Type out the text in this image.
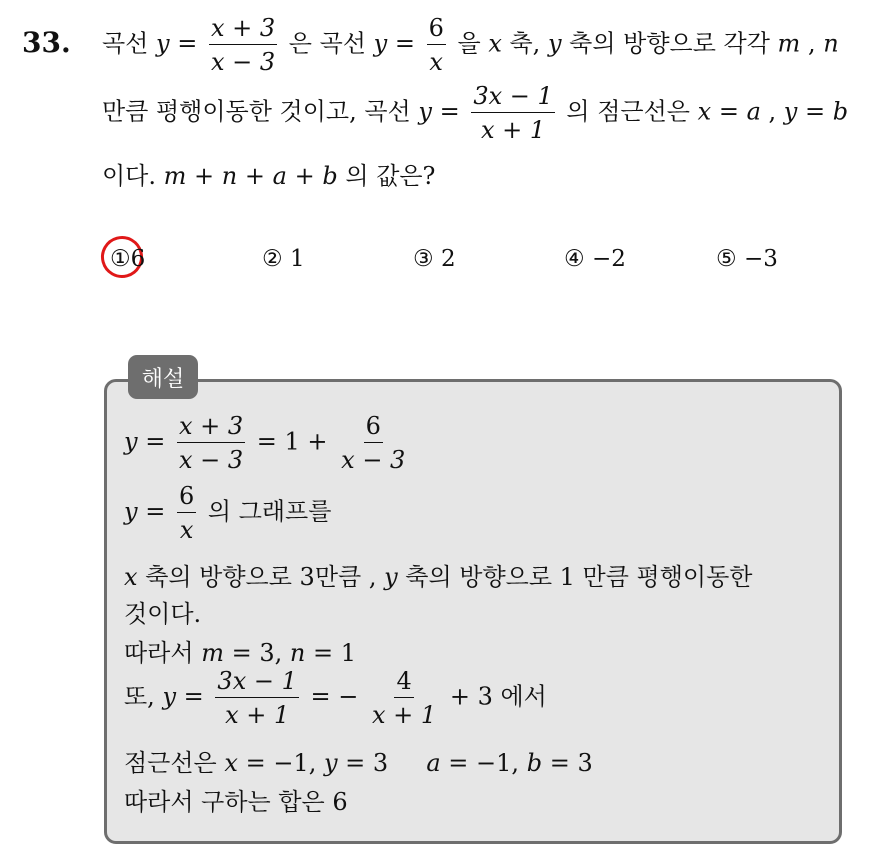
33. 곡선 $y = \frac{x + 3}{x - 3}$ 은 곡선 $y = \frac{6}{x}$ 을 x 축, y 축의 방향으로 각각 m , n
만큼 평행이동한 것이고, 곡선 $y = \frac{3x - 1}{x + 1}$ 의 점근선은 x = a , y = b
이다. m + n + a + b 의 값은?
①6	② 1	③ 2	④ −2	⑤ −3
해설
$y = \frac{x + 3}{x - 3} = 1 + \frac{6}{x - 3}$
$y = \frac{6}{x}$ 의 그래프를
x 축의 방향으로 3만큼 , y 축의 방향으로 1 만큼 평행이동한
것이다.
따라서 m = 3, n = 1
또, $y = \frac{3x - 1}{x + 1}$ = − $\frac{4}{x + 1} + 3$ 에서
점근선은 x = −1, y = 3 a = −1, b = 3
따라서 구하는 합은 6
